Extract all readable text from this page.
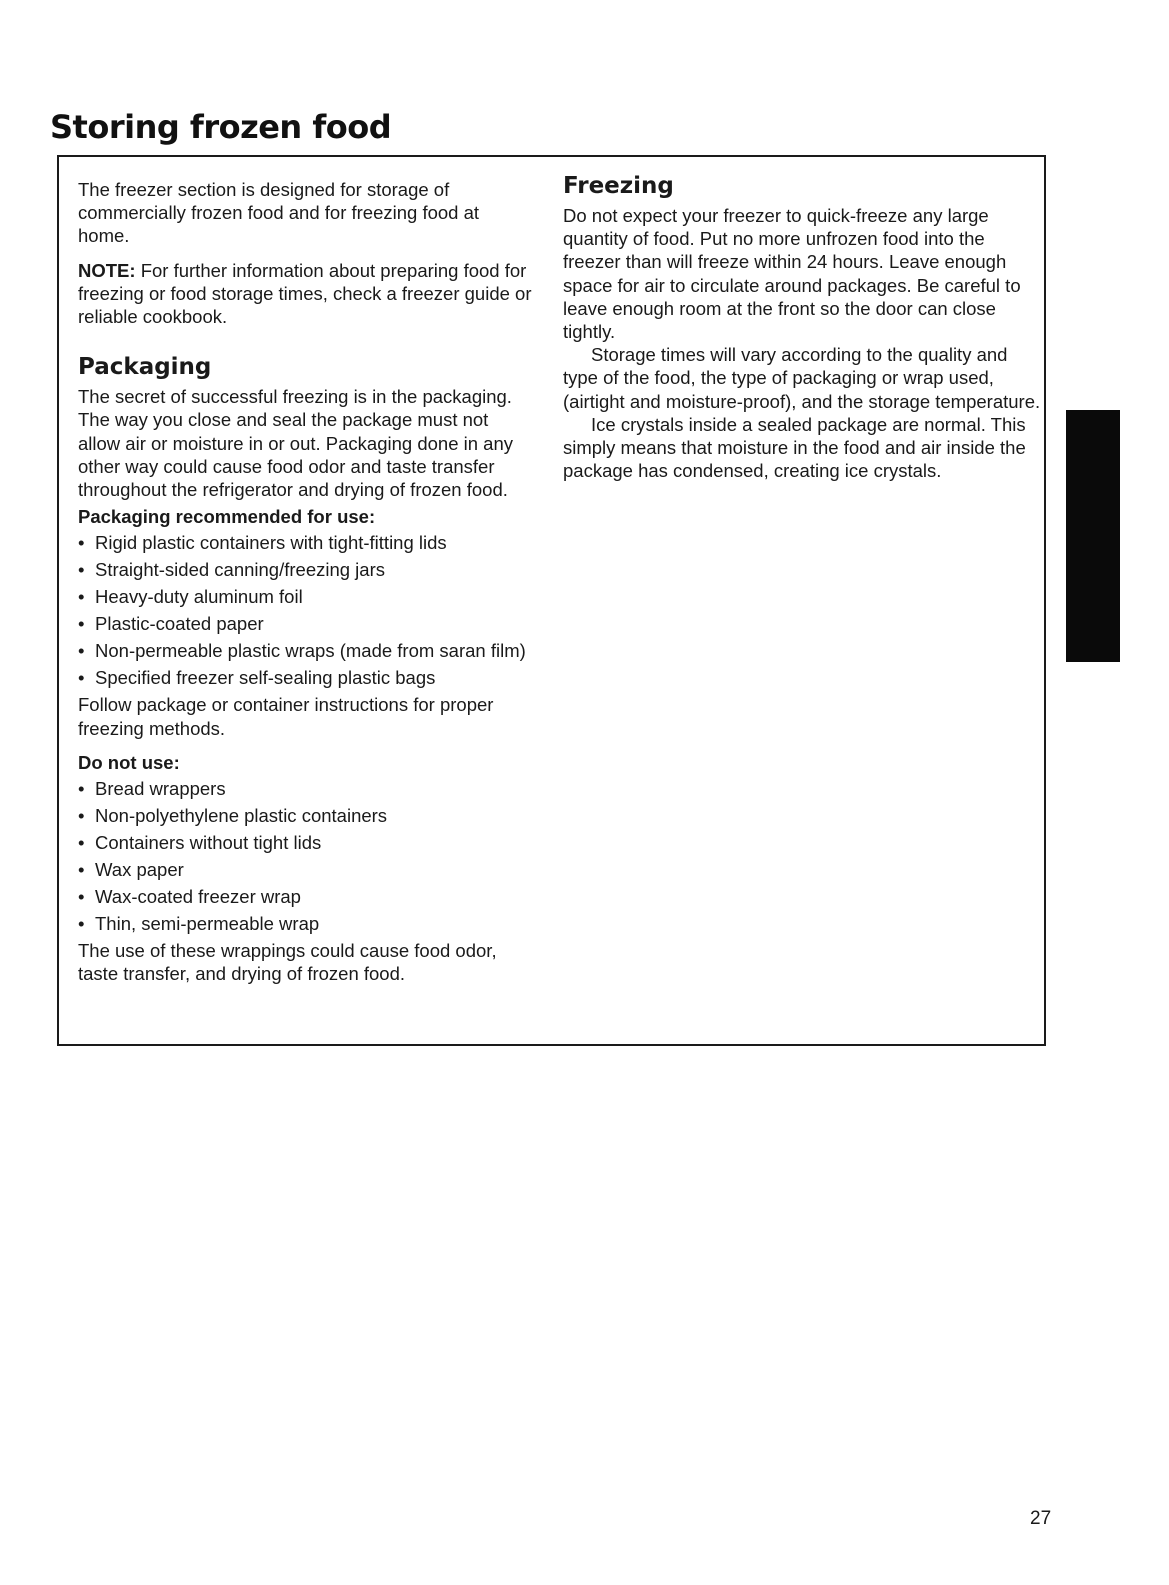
Storing frozen food

The freezer section is designed for storage of commercially frozen food and for freezing food at home.

NOTE: For further information about preparing food for freezing or food storage times, check a freezer guide or reliable cookbook.

Packaging

The secret of successful freezing is in the packaging. The way you close and seal the package must not allow air or moisture in or out. Packaging done in any other way could cause food odor and taste transfer throughout the refrigerator and drying of frozen food.

Packaging recommended for use:

• Rigid plastic containers with tight-fitting lids
• Straight-sided canning/freezing jars
• Heavy-duty aluminum foil
• Plastic-coated paper
• Non-permeable plastic wraps (made from saran film)
• Specified freezer self-sealing plastic bags

Follow package or container instructions for proper freezing methods.

Do not use:

• Bread wrappers
• Non-polyethylene plastic containers
• Containers without tight lids
• Wax paper
• Wax-coated freezer wrap
• Thin, semi-permeable wrap

The use of these wrappings could cause food odor, taste transfer, and drying of frozen food.

Freezing

Do not expect your freezer to quick-freeze any large quantity of food. Put no more unfrozen food into the freezer than will freeze within 24 hours. Leave enough space for air to circulate around packages. Be careful to leave enough room at the front so the door can close tightly.

Storage times will vary according to the quality and type of the food, the type of packaging or wrap used, (airtight and moisture-proof), and the storage temperature.

Ice crystals inside a sealed package are normal. This simply means that moisture in the food and air inside the package has condensed, creating ice crystals.

27
